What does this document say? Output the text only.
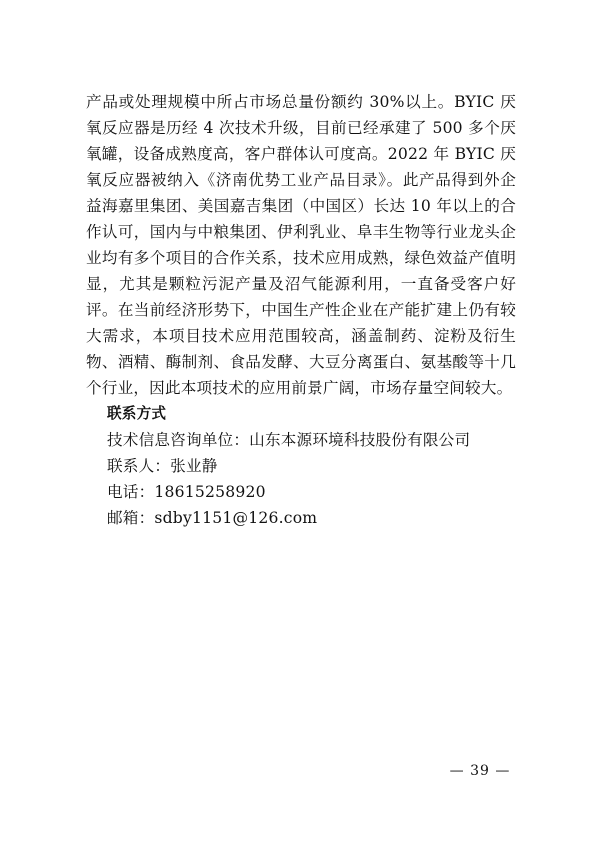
产品或处理规模中所占市场总量份额约 30%以上。BYIC 厌氧反应器是历经 4 次技术升级，目前已经承建了 500 多个厌氧罐，设备成熟度高，客户群体认可度高。2022 年 BYIC 厌氧反应器被纳入《济南优势工业产品目录》。此产品得到外企益海嘉里集团、美国嘉吉集团（中国区）长达 10 年以上的合作认可，国内与中粮集团、伊利乳业、阜丰生物等行业龙头企业均有多个项目的合作关系，技术应用成熟，绿色效益产值明显，尤其是颗粒污泥产量及沼气能源利用，一直备受客户好评。在当前经济形势下，中国生产性企业在产能扩建上仍有较大需求，本项目技术应用范围较高，涵盖制药、淀粉及衍生物、酒精、酶制剂、食品发酵、大豆分离蛋白、氨基酸等十几个行业，因此本项技术的应用前景广阔，市场存量空间较大。

联系方式

技术信息咨询单位：山东本源环境科技股份有限公司

联系人：张业静

电话：18615258920

邮箱：sdby1151@126.com

— 39 —
